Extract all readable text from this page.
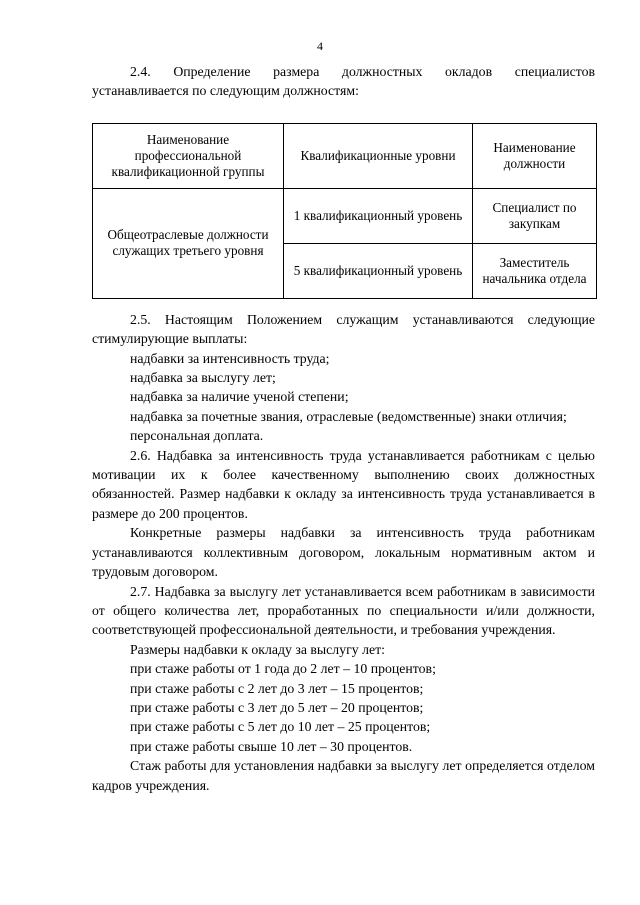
4

2.4. Определение размера должностных окладов специалистов устанавливается по следующим должностям:

Наименование профессиональной квалификационной группы	Квалификационные уровни	Наименование должности
Общеотраслевые должности служащих третьего уровня	1 квалификационный уровень	Специалист по закупкам
	5 квалификационный уровень	Заместитель начальника отдела

2.5. Настоящим Положением служащим устанавливаются следующие стимулирующие выплаты:

надбавки за интенсивность труда;

надбавка за выслугу лет;

надбавка за наличие ученой степени;

надбавка за почетные звания, отраслевые (ведомственные) знаки отличия;

персональная доплата.

2.6. Надбавка за интенсивность труда устанавливается работникам с целью мотивации их к более качественному выполнению своих должностных обязанностей. Размер надбавки к окладу за интенсивность труда устанавливается в размере до 200 процентов.

Конкретные размеры надбавки за интенсивность труда работникам устанавливаются коллективным договором, локальным нормативным актом и трудовым договором.

2.7. Надбавка за выслугу лет устанавливается всем работникам в зависимости от общего количества лет, проработанных по специальности и/или должности, соответствующей профессиональной деятельности, и требования учреждения.

Размеры надбавки к окладу за выслугу лет:

при стаже работы от 1 года до 2 лет – 10 процентов;

при стаже работы с 2 лет до 3 лет – 15 процентов;

при стаже работы с 3 лет до 5 лет – 20 процентов;

при стаже работы с 5 лет до 10 лет – 25 процентов;

при стаже работы свыше 10 лет – 30 процентов.

Стаж работы для установления надбавки за выслугу лет определяется отделом кадров учреждения.
